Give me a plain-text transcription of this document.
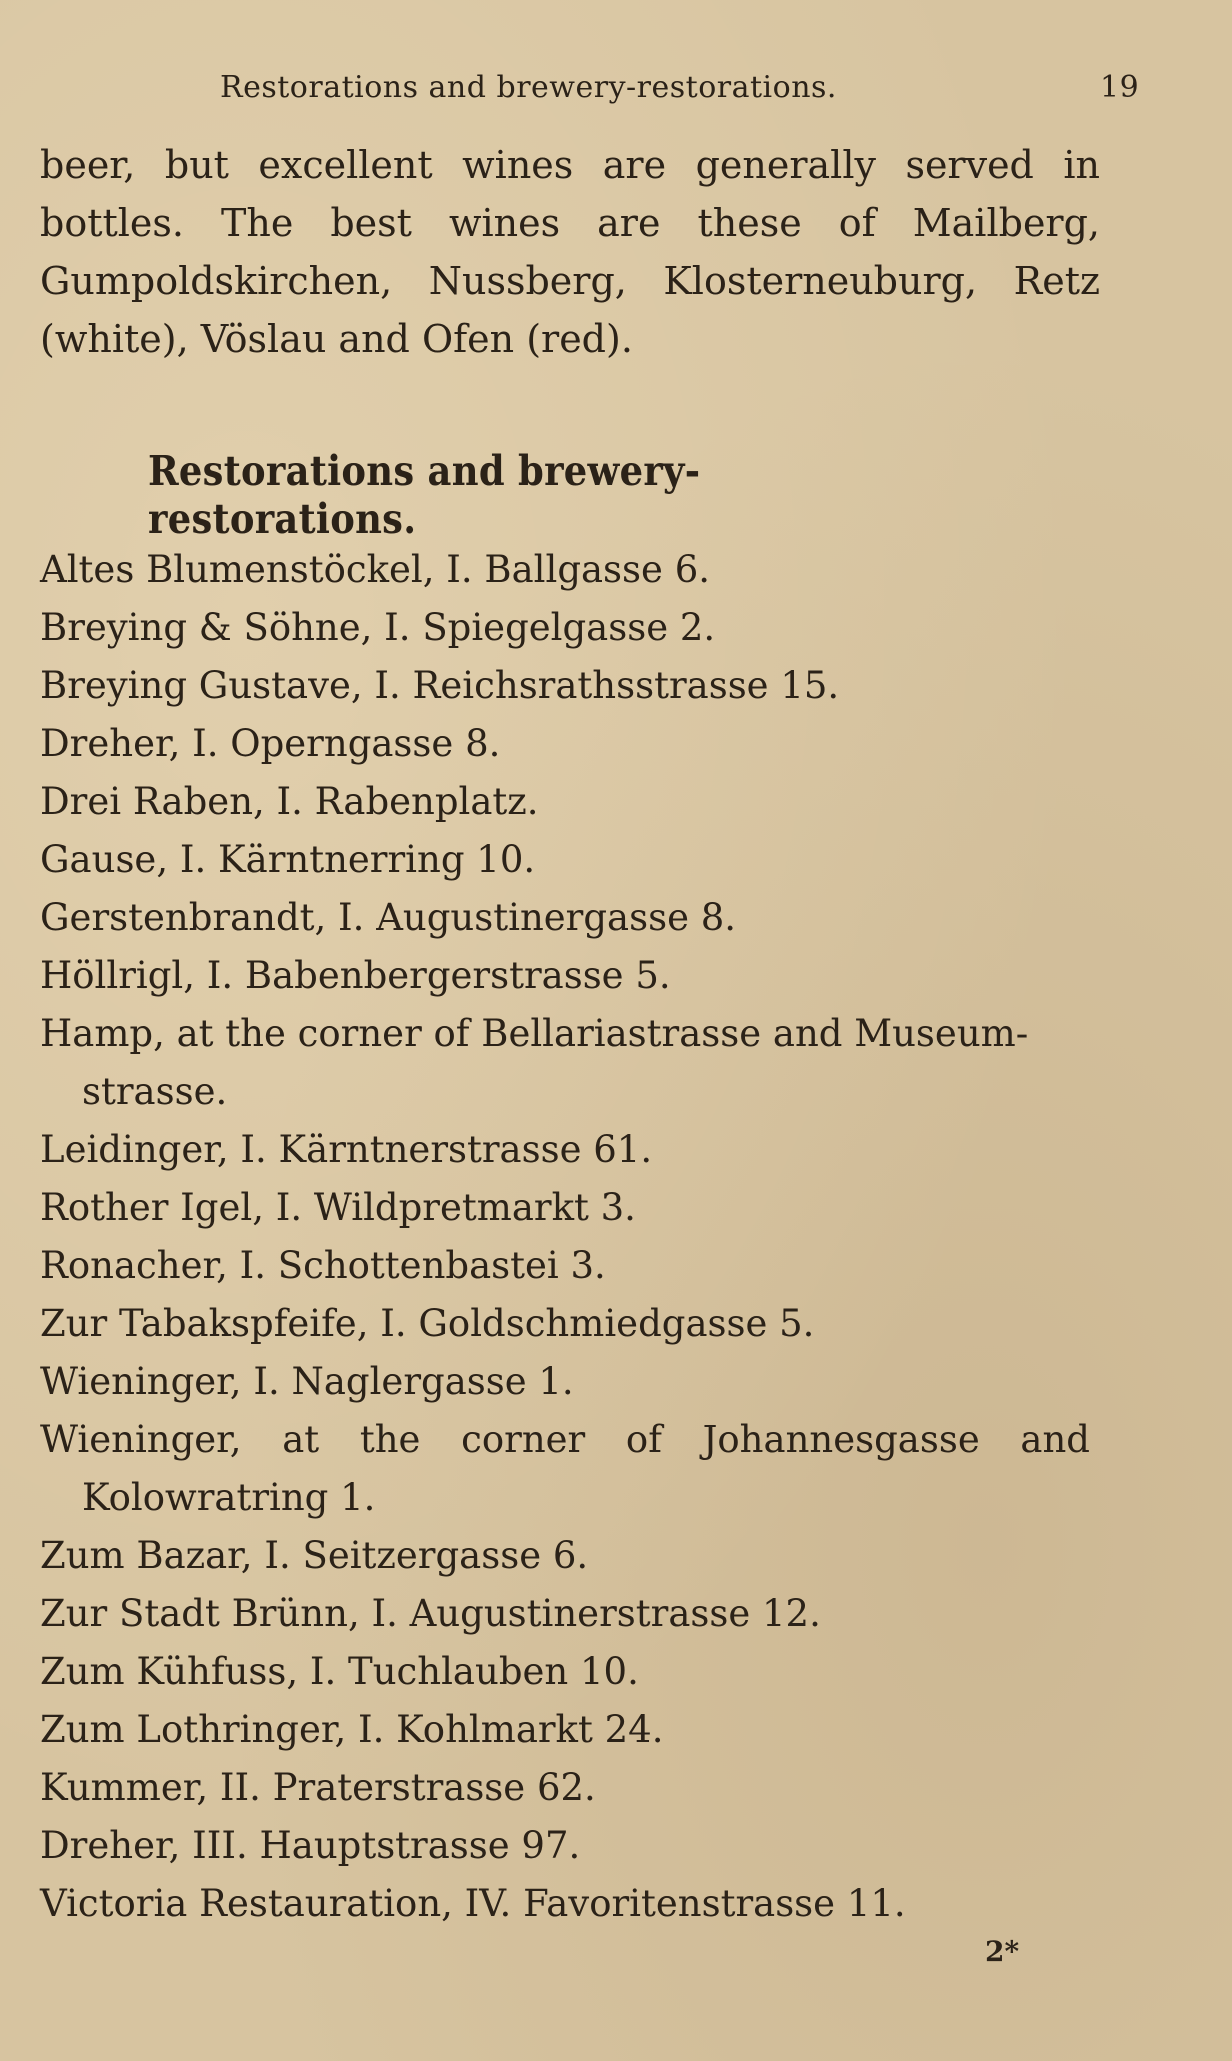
Restorations and brewery-restorations.	19
beer, but excellent wines are generally served in
bottles. The best wines are these of Mailberg,
Gumpoldskirchen, Nussberg, Klosterneuburg, Retz
(white), Vöslau and Ofen (red).
Restorations and brewery-restorations.
Altes Blumenstöckel, I. Ballgasse 6.
Breying & Söhne, I. Spiegelgasse 2.
Breying Gustave, I. Reichsrathsstrasse 15.
Dreher, I. Operngasse 8.
Drei Raben, I. Rabenplatz.
Gause, I. Kärntnerring 10.
Gerstenbrandt, I. Augustinergasse 8.
Höllrigl, I. Babenbergerstrasse 5.
Hamp, at the corner of Bellariastrasse and Museum-
strasse.
Leidinger, I. Kärntnerstrasse 61.
Rother Igel, I. Wildpretmarkt 3.
Ronacher, I. Schottenbastei 3.
Zur Tabakspfeife, I. Goldschmiedgasse 5.
Wieninger, I. Naglergasse 1.
Wieninger, at the corner of Johannesgasse and
Kolowratring 1.
Zum Bazar, I. Seitzergasse 6.
Zur Stadt Brünn, I. Augustinerstrasse 12.
Zum Kühfuss, I. Tuchlauben 10.
Zum Lothringer, I. Kohlmarkt 24.
Kummer, II. Praterstrasse 62.
Dreher, III. Hauptstrasse 97.
Victoria Restauration, IV. Favoritenstrasse 11.
2*
